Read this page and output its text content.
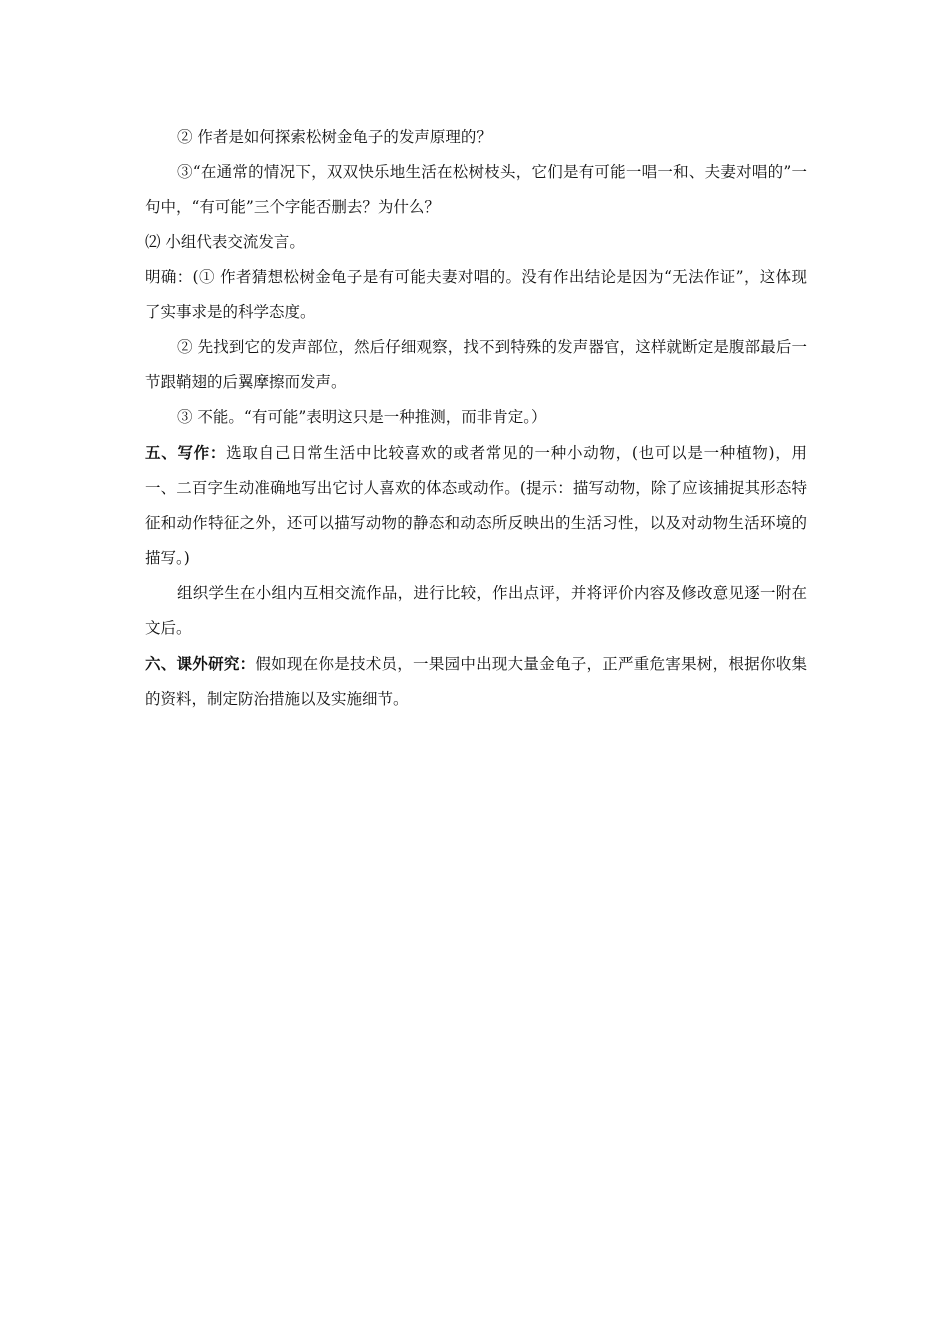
② 作者是如何探索松树金龟子的发声原理的？

③“在通常的情况下，双双快乐地生活在松树枝头，它们是有可能一唱一和、夫妻对唱的”一句中，“有可能”三个字能否删去？为什么？

⑵ 小组代表交流发言。

明确：(① 作者猜想松树金龟子是有可能夫妻对唱的。没有作出结论是因为“无法作证”，这体现了实事求是的科学态度。

② 先找到它的发声部位，然后仔细观察，找不到特殊的发声器官，这样就断定是腹部最后一节跟鞘翅的后翼摩擦而发声。

③ 不能。“有可能”表明这只是一种推测，而非肯定。）

五、写作：选取自己日常生活中比较喜欢的或者常见的一种小动物，(也可以是一种植物)，用一、二百字生动准确地写出它讨人喜欢的体态或动作。(提示：描写动物，除了应该捕捉其形态特征和动作特征之外，还可以描写动物的静态和动态所反映出的生活习性，以及对动物生活环境的描写。)

组织学生在小组内互相交流作品，进行比较，作出点评，并将评价内容及修改意见逐一附在文后。

六、课外研究：假如现在你是技术员，一果园中出现大量金龟子，正严重危害果树，根据你收集的资料，制定防治措施以及实施细节。
